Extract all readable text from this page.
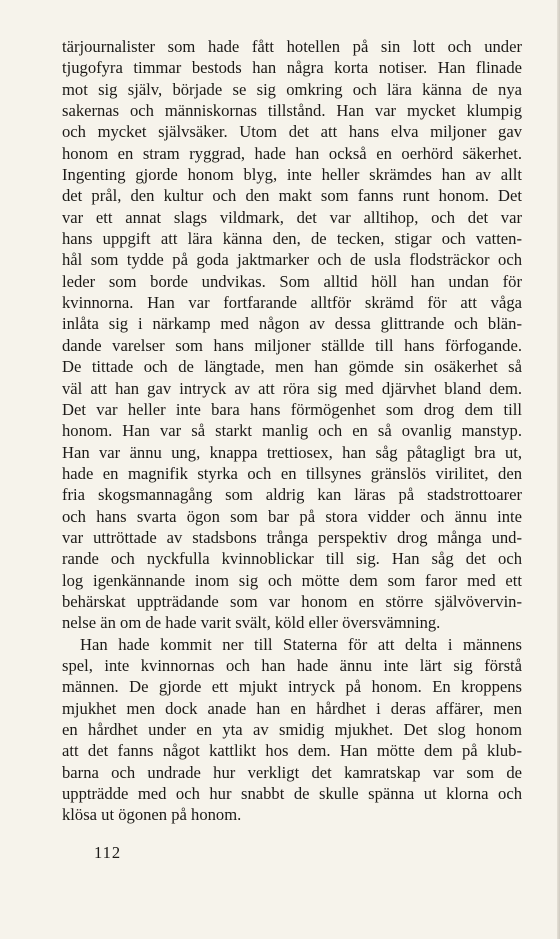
tärjournalister som hade fått hotellen på sin lott och under
tjugofyra timmar bestods han några korta notiser. Han flinade
mot sig själv, började se sig omkring och lära känna de nya
sakernas och människornas tillstånd. Han var mycket klumpig
och mycket självsäker. Utom det att hans elva miljoner gav
honom en stram ryggrad, hade han också en oerhörd säkerhet.
Ingenting gjorde honom blyg, inte heller skrämdes han av allt
det prål, den kultur och den makt som fanns runt honom. Det
var ett annat slags vildmark, det var alltihop, och det var
hans uppgift att lära känna den, de tecken, stigar och vatten-
hål som tydde på goda jaktmarker och de usla flodsträckor och
leder som borde undvikas. Som alltid höll han undan för
kvinnorna. Han var fortfarande alltför skrämd för att våga
inlåta sig i närkamp med någon av dessa glittrande och blän-
dande varelser som hans miljoner ställde till hans förfogande.
De tittade och de längtade, men han gömde sin osäkerhet så
väl att han gav intryck av att röra sig med djärvhet bland dem.
Det var heller inte bara hans förmögenhet som drog dem till
honom. Han var så starkt manlig och en så ovanlig manstyp.
Han var ännu ung, knappa trettiosex, han såg påtagligt bra ut,
hade en magnifik styrka och en tillsynes gränslös virilitet, den
fria skogsmannagång som aldrig kan läras på stadstrottoarer
och hans svarta ögon som bar på stora vidder och ännu inte
var uttröttade av stadsbons trånga perspektiv drog många und-
rande och nyckfulla kvinnoblickar till sig. Han såg det och
log igenkännande inom sig och mötte dem som faror med ett
behärskat uppträdande som var honom en större självövervin-
nelse än om de hade varit svält, köld eller översvämning.
Han hade kommit ner till Staterna för att delta i männens
spel, inte kvinnornas och han hade ännu inte lärt sig förstå
männen. De gjorde ett mjukt intryck på honom. En kroppens
mjukhet men dock anade han en hårdhet i deras affärer, men
en hårdhet under en yta av smidig mjukhet. Det slog honom
att det fanns något kattlikt hos dem. Han mötte dem på klub-
barna och undrade hur verkligt det kamratskap var som de
uppträdde med och hur snabbt de skulle spänna ut klorna och
klösa ut ögonen på honom.
112
